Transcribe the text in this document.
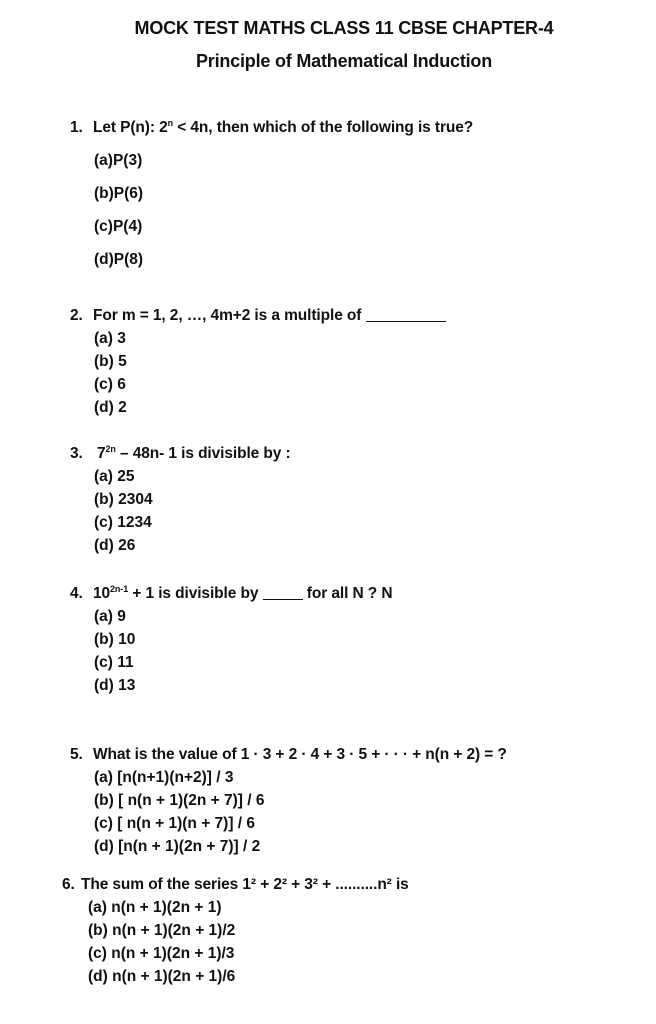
MOCK TEST MATHS CLASS 11 CBSE CHAPTER-4
Principle of Mathematical Induction
1. Let P(n): $2^n < 4n$, then which of the following is true?
(a)P(3)
(b)P(6)
(c)P(4)
(d)P(8)
2. For m = 1, 2, …, 4m+2 is a multiple of
(a) 3
(b) 5
(c) 6
(d) 2
3. $7^{2n} - 48n-$ 1 is divisible by :
(a) 25
(b) 2304
(c) 1234
(d) 26
4. $10^{2n-1} + 1$ is divisible by	for all N ? N
(a) 9
(b) 10
(c) 11
(d) 13
5. What is the value of 1 · 3 + 2 · 4 + 3 · 5 + · · · + n(n + 2) = ?
(a) [n(n+1)(n+2)] / 3
(b) [ n(n + 1)(2n + 7)] / 6
(c) [ n(n + 1)(n + 7)] / 6
(d) [n(n + 1)(2n + 7)] / 2
6. The sum of the series 1² + 2² + 3² + ..........n² is
(a) n(n + 1)(2n + 1)
(b) n(n + 1)(2n + 1)/2
(c) n(n + 1)(2n + 1)/3
(d) n(n + 1)(2n + 1)/6
